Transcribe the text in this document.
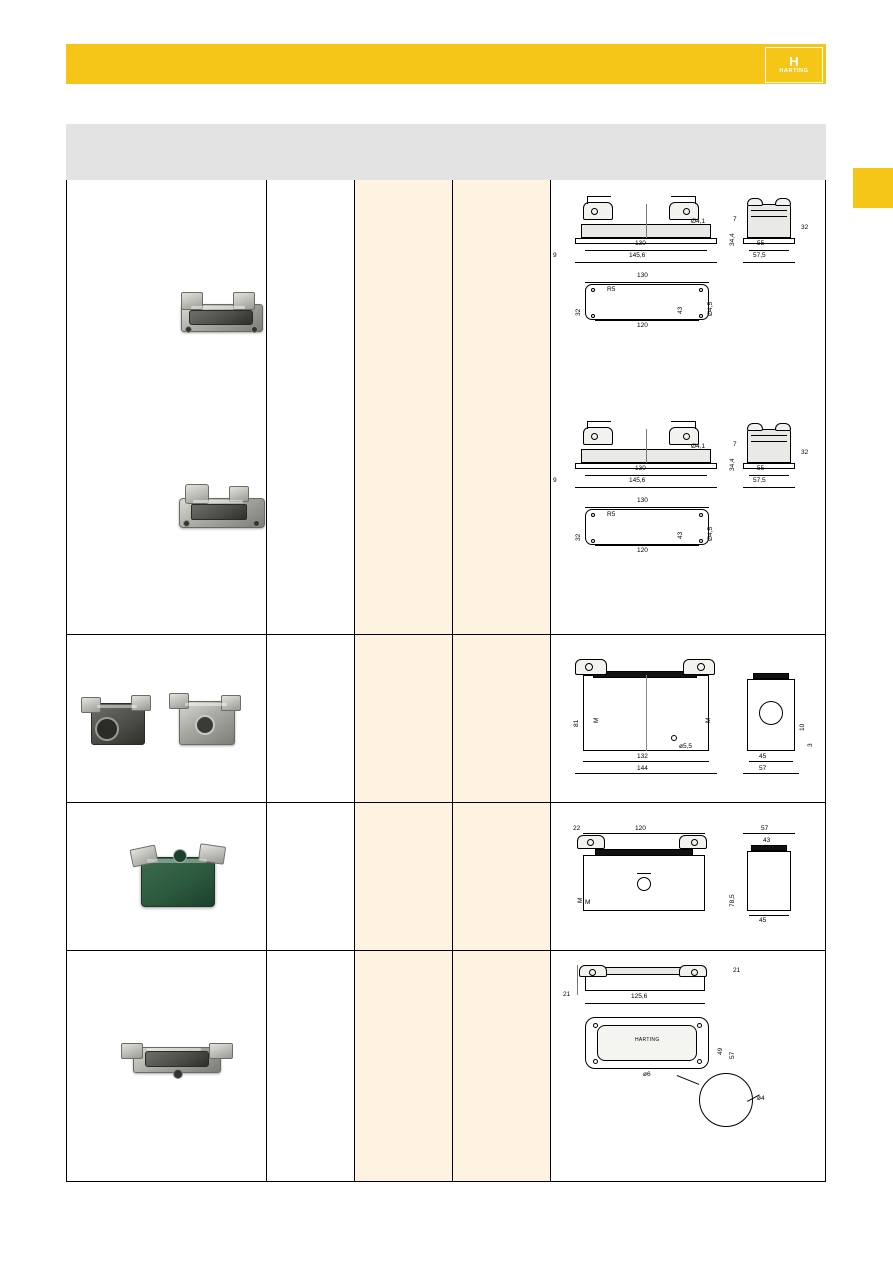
H
HARTING
Ø4,1	7
34,4
130
145,6
9
55
32
57,5
130
R5
43	Ø4,5
32
120
Ø4,1	7
34,4
130
145,6
9
55
32
57,5
130
R5
43	Ø4,5
32
120
81 M	M
ø5,5
132
144
10
3
45
57
22	120
M M
57
43
78,5
45
21
21	125,6
HARTING
49
57
ø6
ø4
